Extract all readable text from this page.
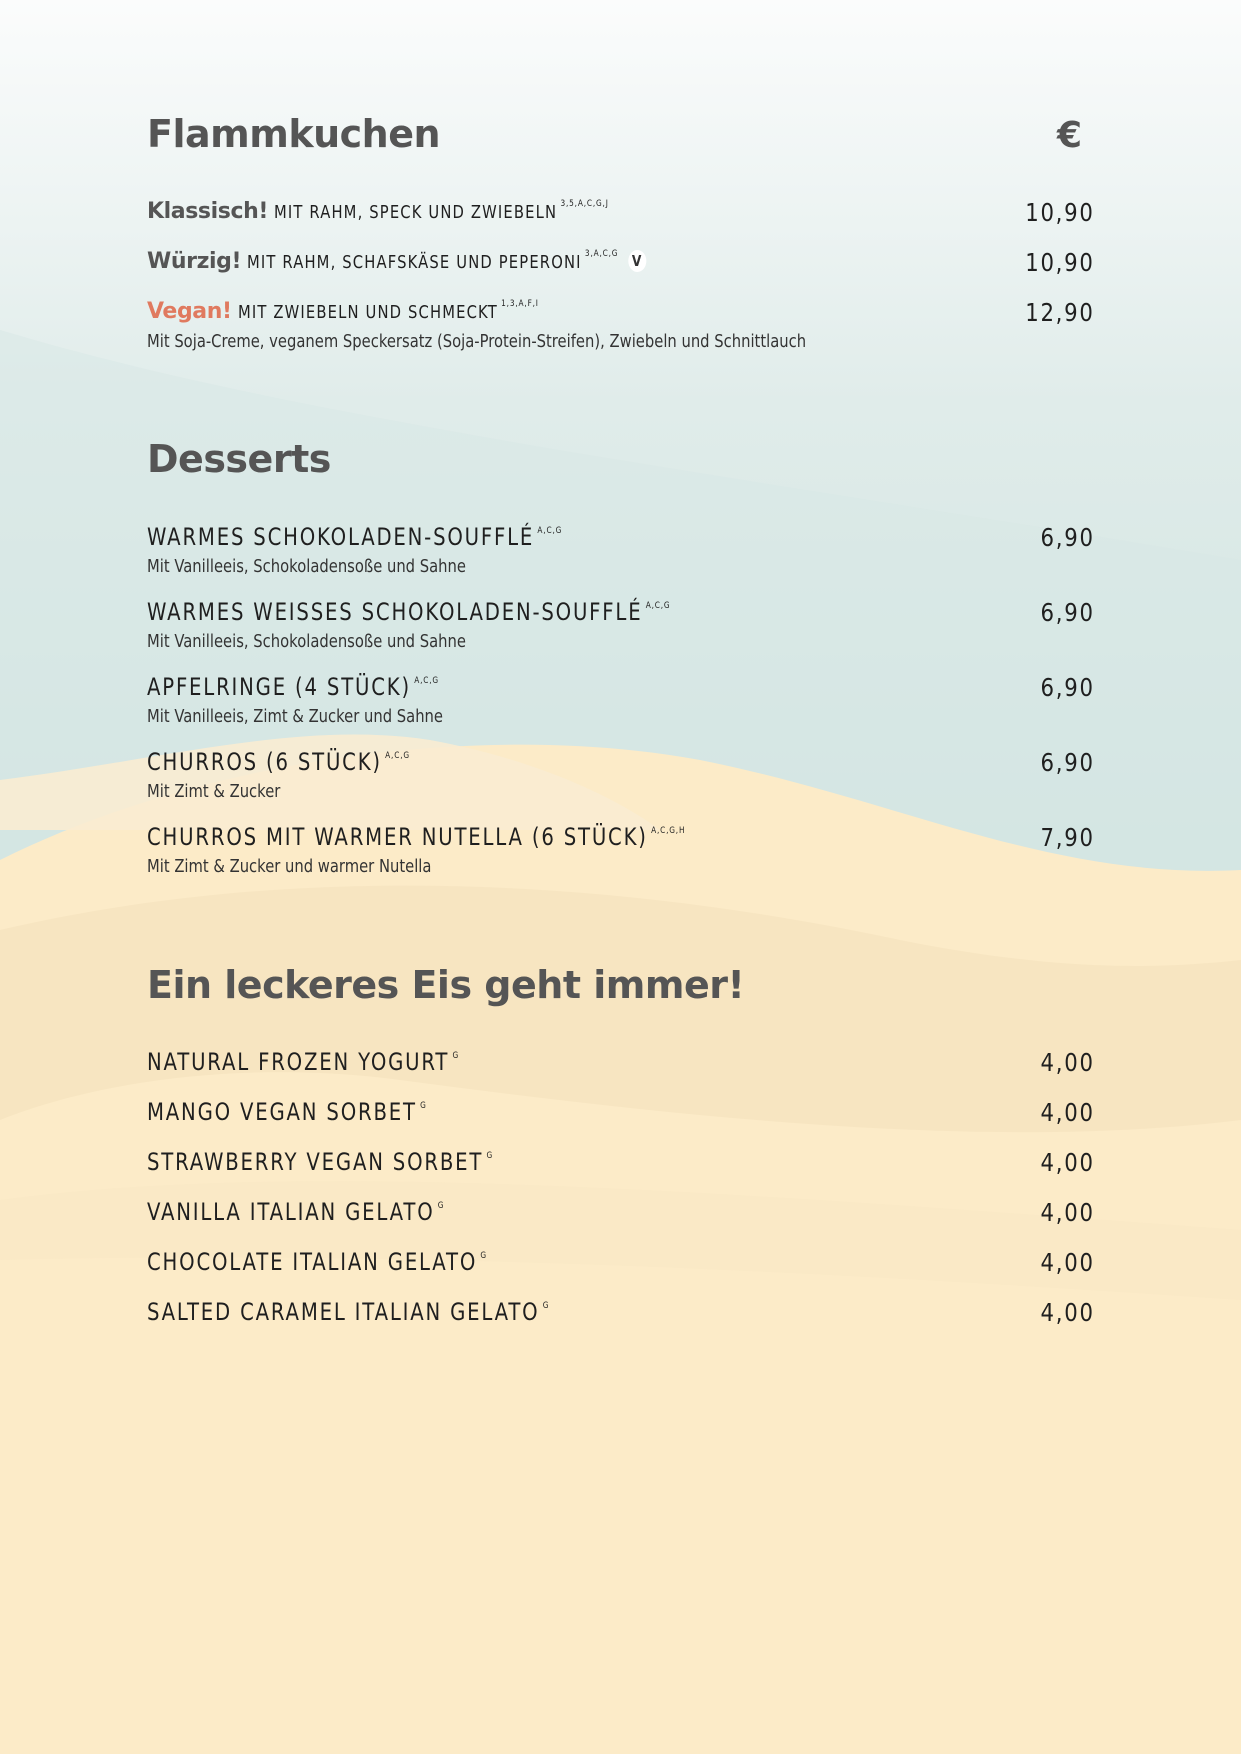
Flammkuchen	€
Klassisch! MIT RAHM, SPECK UND ZWIEBELN $^{3,5,A,C,G,J}$	10,90
Würzig! MIT RAHM, SCHAFSKÄSE UND PEPERONI $^{3,A,C,G}$ V	10,90
Vegan! MIT ZWIEBELN UND SCHMECKT $^{1,3,A,F,I}$	12,90
Mit Soja-Creme, veganem Speckersatz (Soja-Protein-Streifen), Zwiebeln und Schnittlauch
Desserts
WARMES SCHOKOLADEN-SOUFFLÉ $^{A,C,G}$	6,90
Mit Vanilleeis, Schokoladensoße und Sahne
WARMES WEISSES SCHOKOLADEN-SOUFFLÉ $^{A,C,G}$	6,90
Mit Vanilleeis, Schokoladensoße und Sahne
APFELRINGE (4 STÜCK) $^{A,C,G}$	6,90
Mit Vanilleeis, Zimt & Zucker und Sahne
CHURROS (6 STÜCK) $^{A,C,G}$	6,90
Mit Zimt & Zucker
CHURROS MIT WARMER NUTELLA (6 STÜCK) $^{A,C,G,H}$	7,90
Mit Zimt & Zucker und warmer Nutella
Ein leckeres Eis geht immer!
NATURAL FROZEN YOGURT $^G$	4,00
MANGO VEGAN SORBET $^G$	4,00
STRAWBERRY VEGAN SORBET $^G$	4,00
VANILLA ITALIAN GELATO $^G$	4,00
CHOCOLATE ITALIAN GELATO $^G$	4,00
SALTED CARAMEL ITALIAN GELATO $^G$	4,00
